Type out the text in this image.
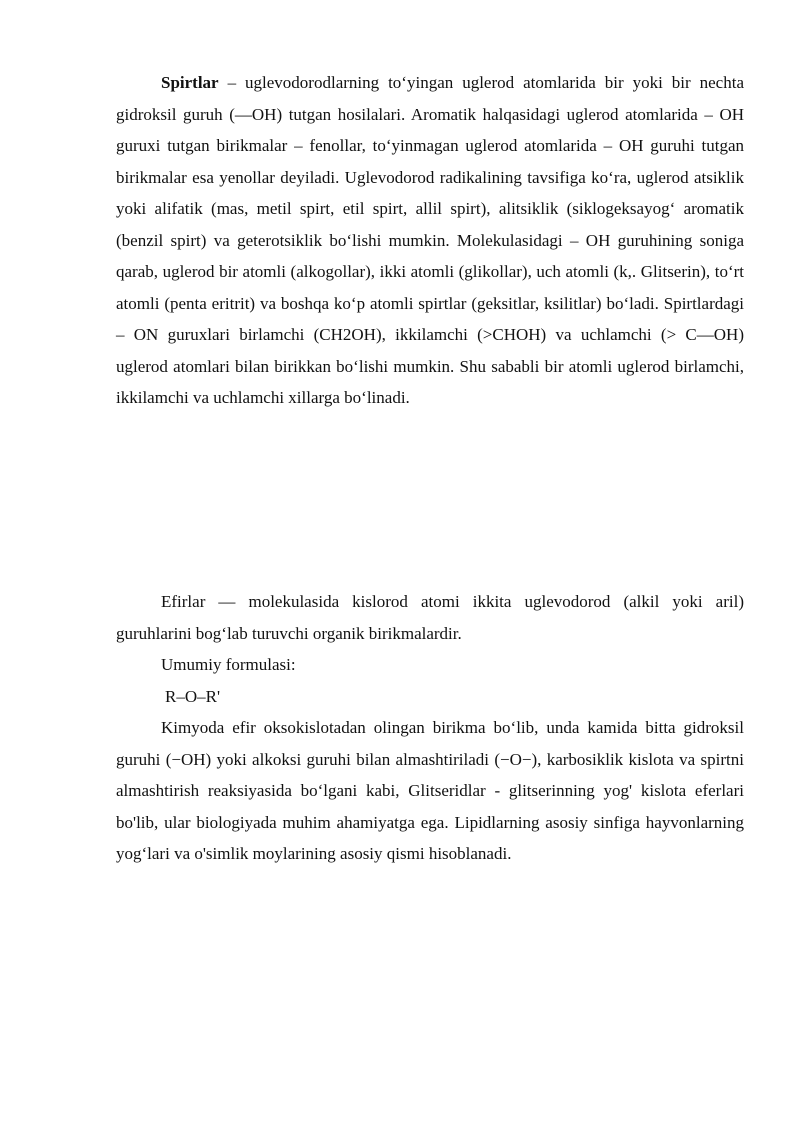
Spirtlar – uglevodorodlarning to‘yingan uglerod atomlarida bir yoki bir nechta gidroksil guruh (—OH) tutgan hosilalari. Aromatik halqasidagi uglerod atomlarida – OH guruxi tutgan birikmalar – fenollar, to‘yinmagan uglerod atomlarida – OH guruhi tutgan birikmalar esa yenollar deyiladi. Uglevodorod radikalining tavsifiga ko‘ra, uglerod atsiklik yoki alifatik (mas, metil spirt, etil spirt, allil spirt), alitsiklik (siklogeksayog‘ aromatik (benzil spirt) va geterotsiklik bo‘lishi mumkin. Molekulasidagi – OH guruhining soniga qarab, uglerod bir atomli (alkogollar), ikki atomli (glikollar), uch atomli (k,. Glitserin), to‘rt atomli (penta eritrit) va boshqa ko‘p atomli spirtlar (geksitlar, ksilitlar) bo‘ladi. Spirtlardagi – ON guruxlari birlamchi (CH2OH), ikkilamchi (>CHOH) va uchlamchi (> C—OH) uglerod atomlari bilan birikkan bo‘lishi mumkin. Shu sababli bir atomli uglerod birlamchi, ikkilamchi va uchlamchi xillarga bo‘linadi.

Efirlar — molekulasida kislorod atomi ikkita uglevodorod (alkil yoki aril) guruhlarini bog‘lab turuvchi organik birikmalardir.

Umumiy formulasi:

R–O–R'

Kimyoda efir oksokislotadan olingan birikma bo‘lib, unda kamida bitta gidroksil guruhi (−OH) yoki alkoksi guruhi bilan almashtiriladi (−O−), karbosiklik kislota va spirtni almashtirish reaksiyasida bo‘lgani kabi, Glitseridlar - glitserinning yog' kislota eferlari bo'lib, ular biologiyada muhim ahamiyatga ega. Lipidlarning asosiy sinfiga hayvonlarning yog‘lari va o'simlik moylarining asosiy qismi hisoblanadi.
